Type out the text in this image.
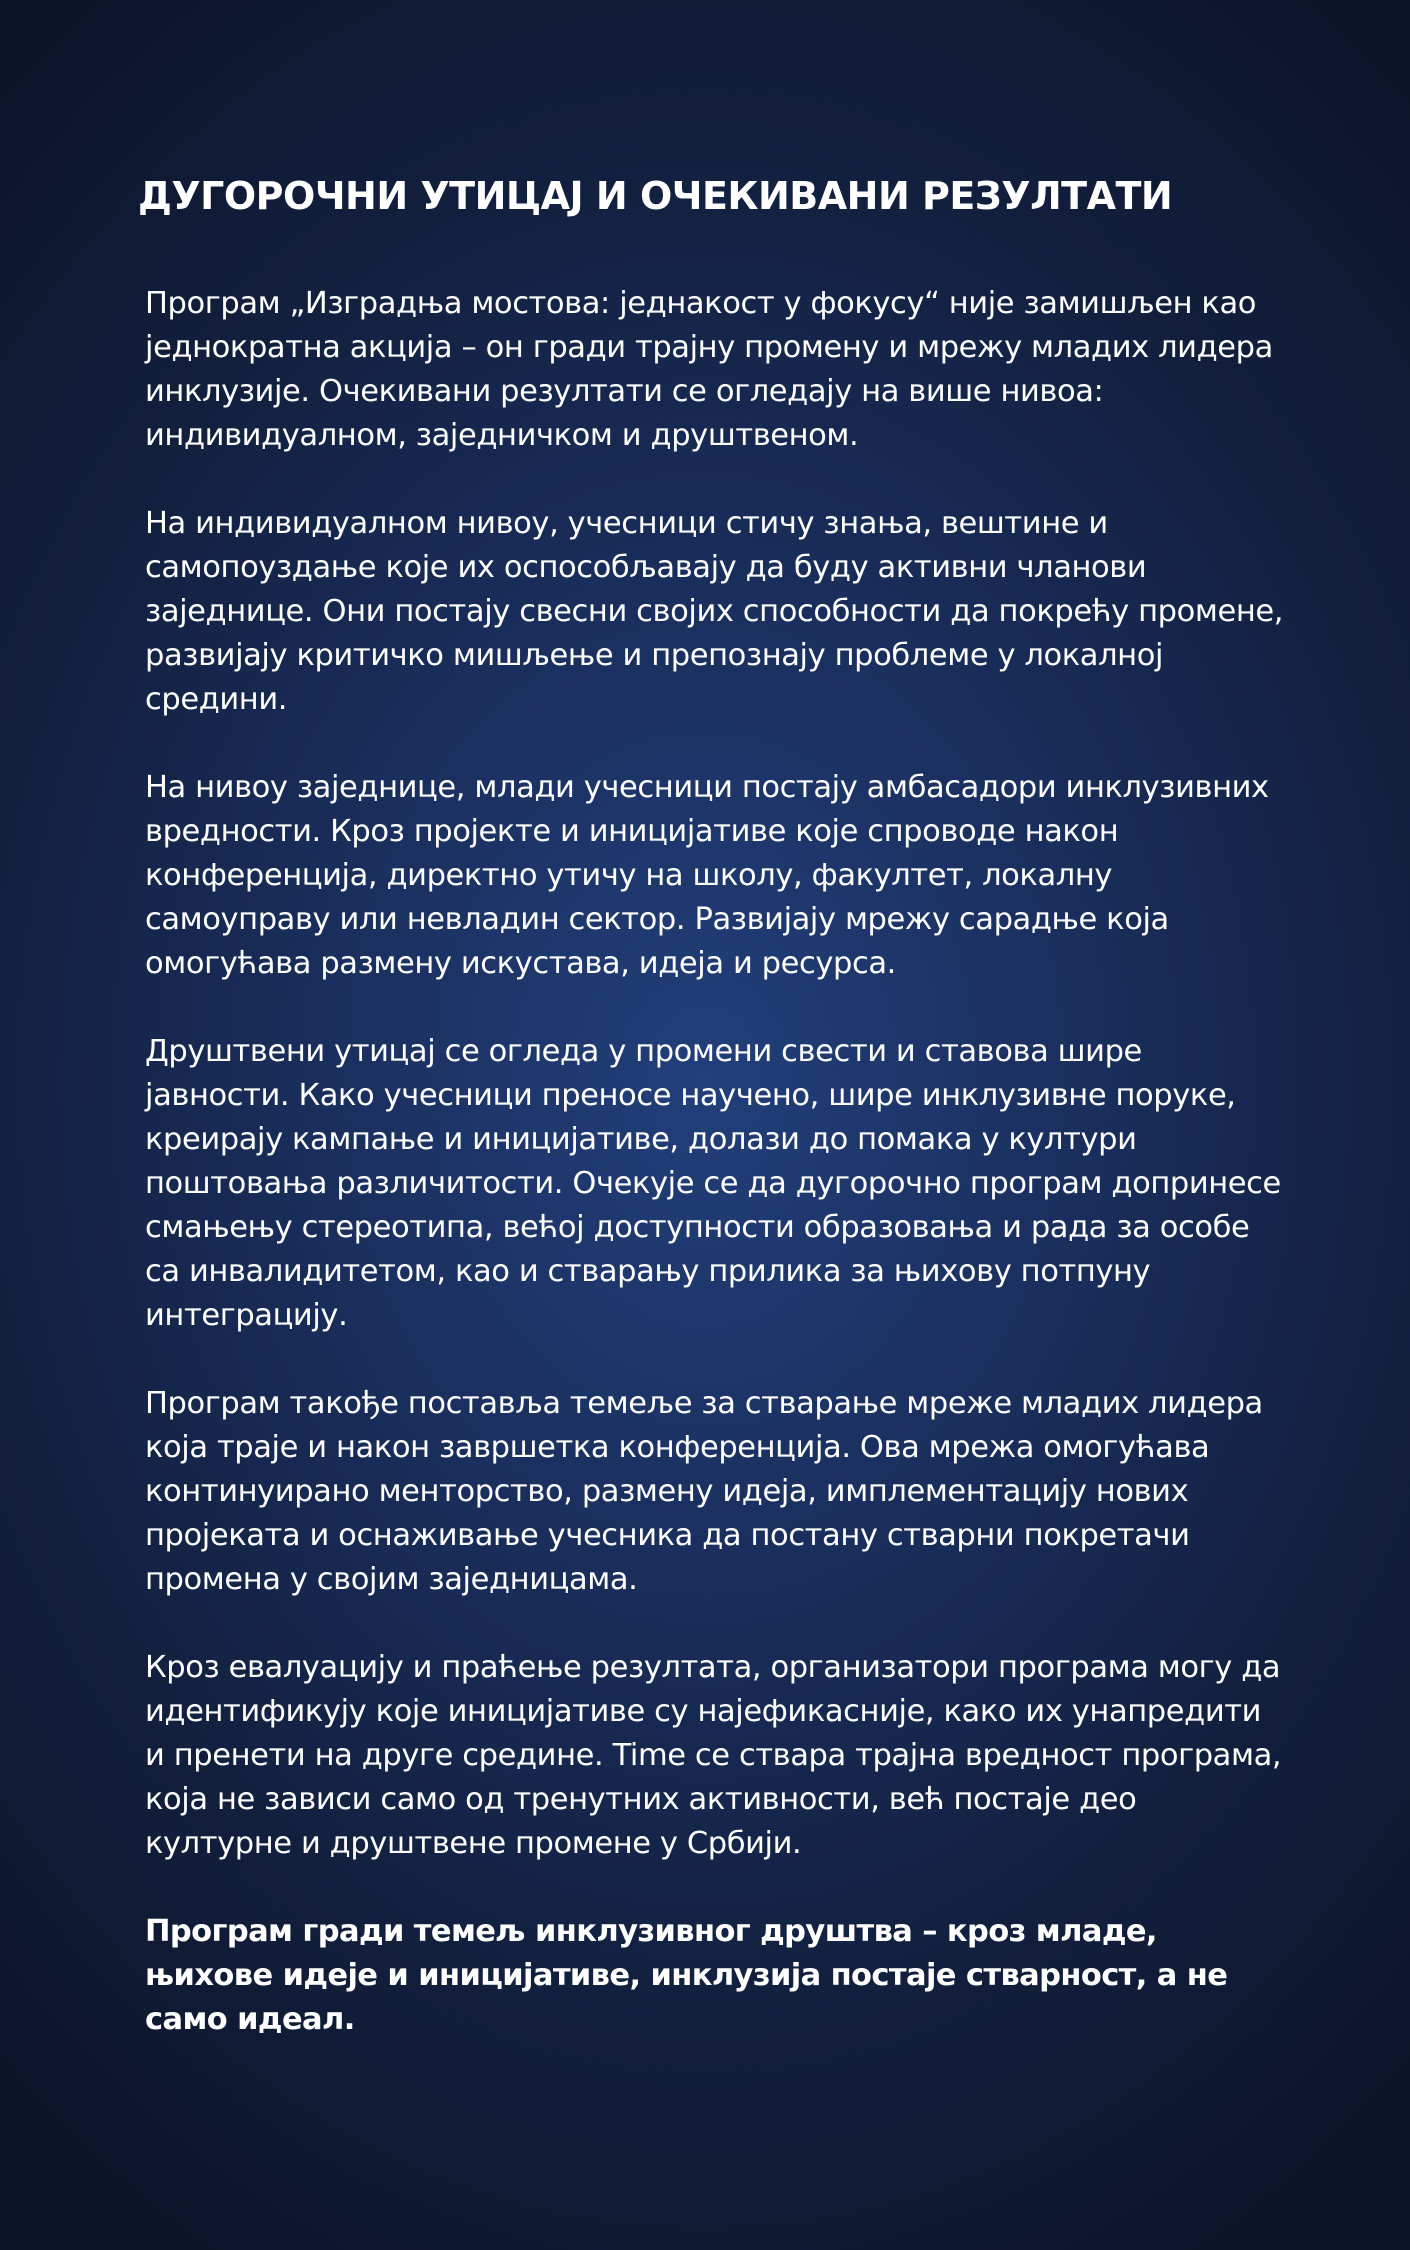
ДУГОРОЧНИ УТИЦАЈ И ОЧЕКИВАНИ РЕЗУЛТАТИ

Програм „Изградња мостова: једнакост у фокусу“ није замишљен као једнократна акција – он гради трајну промену и мрежу младих лидера инклузије. Очекивани резултати се огледају на више нивоа: индивидуалном, заједничком и друштвеном.

На индивидуалном нивоу, учесници стичу знања, вештине и самопоуздање које их оспособљавају да буду активни чланови заједнице. Они постају свесни својих способности да покрећу промене, развијају критичко мишљење и препознају проблеме у локалној средини.

На нивоу заједнице, млади учесници постају амбасадори инклузивних вредности. Кроз пројекте и иницијативе које спроводе након конференција, директно утичу на школу, факултет, локалну самоуправу или невладин сектор. Развијају мрежу сарадње која омогућава размену искустава, идеја и ресурса.

Друштвени утицај се огледа у промени свести и ставова шире јавности. Како учесници преносе научено, шире инклузивне поруке, креирају кампање и иницијативе, долази до помака у култури поштовања различитости. Очекује се да дугорочно програм допринесе смањењу стереотипа, већој доступности образовања и рада за особе са инвалидитетом, као и стварању прилика за њихову потпуну интеграцију.

Програм такође поставља темеље за стварање мреже младих лидера која траје и након завршетка конференција. Ова мрежа омогућава континуирано менторство, размену идеја, имплементацију нових пројеката и оснаживање учесника да постану стварни покретачи промена у својим заједницама.

Кроз евалуацију и праћење резултата, организатори програма могу да идентификују које иницијативе су најефикасније, како их унапредити и пренети на друге средине. Time се ствара трајна вредност програма, која не зависи само од тренутних активности, већ постаје део културне и друштвене промене у Србији.

Програм гради темељ инклузивног друштва – кроз младе, њихове идеје и иницијативе, инклузија постаје стварност, а не само идеал.
